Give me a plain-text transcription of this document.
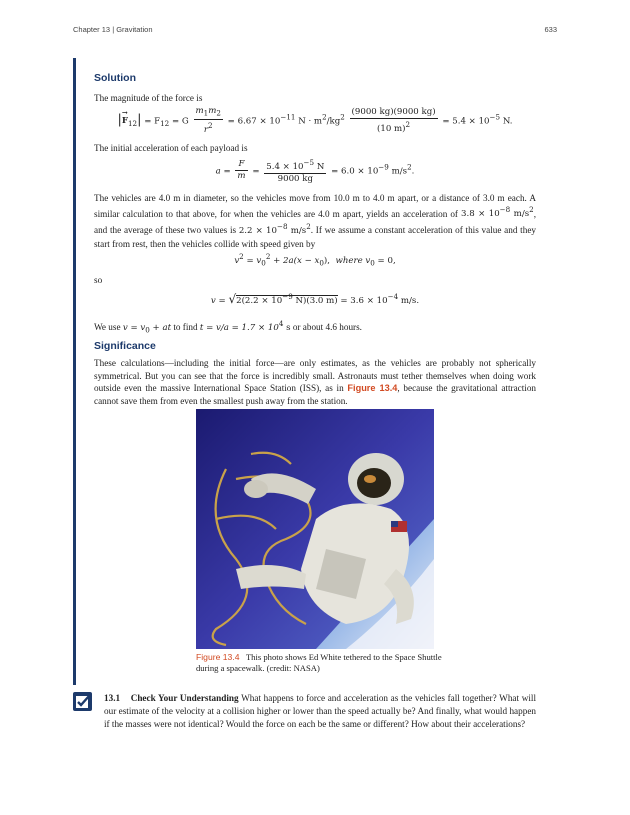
Chapter 13 | Gravitation	633
Solution
The magnitude of the force is
|F
→
$_{12}| = F_{12} = G \frac{m_1m_2}{r^2} = 6.67 \times 10^{-11}$ $N \cdot m^2/kg^2 \frac{(9000 kg)(9000 kg)}{(10 m)^2} = 5.4 \times 10^{-5}$ N.
The initial acceleration of each payload is
$a = \frac{F}{m} = \frac{5.4 \times 10^{-5} N}{9000 kg} = 6.0 \times 10^{-9}$ $m/s^2$.
The vehicles are 4.0 m in diameter, so the vehicles move from 10.0 m to 4.0 m apart, or a distance of 3.0 m each. A similar calculation to that above, for when the vehicles are 4.0 m apart, yields an acceleration of $3.8 \times 10^{-8}$ $m/s^2$, and the average of these two values is $2.2 \times 10^{-8}$ $m/s^2$. If we assume a constant acceleration of this value and they start from rest, then the vehicles collide with speed given by
$v^2 = v_0^2 + 2a(x - x_0)$, where $v_0 = 0$,
so
$v = √2(2.2 \times 10^{-9}$ N)(3.0 $m) = 3.6 \times 10^{-4}$ m/s.
We use $v = v_0$ + at to find $t = v/a = 1.7 \times 10^4$ s or about 4.6 hours.
Significance
These calculations—including the initial force—are only estimates, as the vehicles are probably not spherically symmetrical. But you can see that the force is incredibly small. Astronauts must tether themselves when doing work outside even the massive International Space Station (ISS), as in Figure 13.4, because the gravitational attraction cannot save them from even the smallest push away from the station.
Figure 13.4 This photo shows Ed White tethered to the Space Shuttle during a spacewalk. (credit: NASA)
13.1 Check Your Understanding What happens to force and acceleration as the vehicles fall together? What will our estimate of the velocity at a collision higher or lower than the speed actually be? And finally, what would happen if the masses were not identical? Would the force on each be the same or different? How about their accelerations?
